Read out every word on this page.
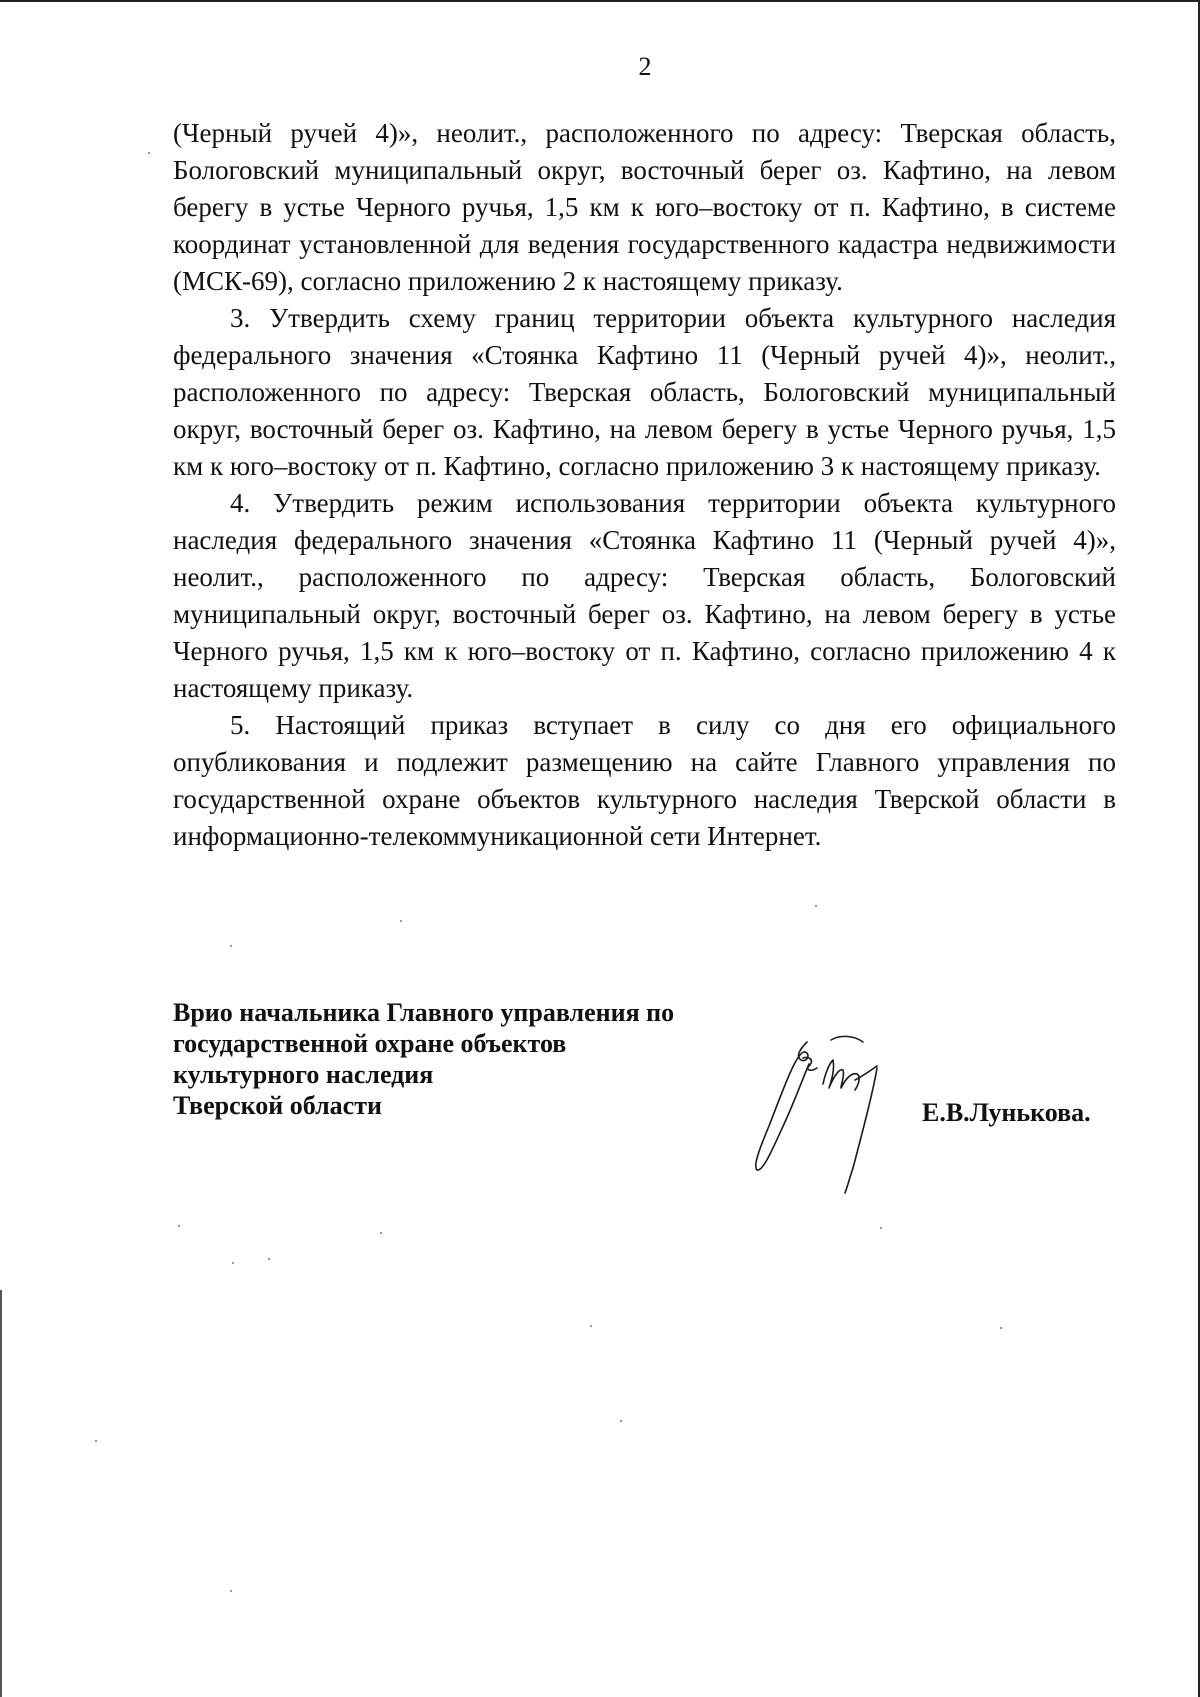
2

(Черный ручей 4)», неолит., расположенного по адресу: Тверская область, Бологовский муниципальный округ, восточный берег оз. Кафтино, на левом берегу в устье Черного ручья, 1,5 км к юго–востоку от п. Кафтино, в системе координат установленной для ведения государственного кадастра недвижимости (МСК-69), согласно приложению 2 к настоящему приказу.

3. Утвердить схему границ территории объекта культурного наследия федерального значения «Стоянка Кафтино 11 (Черный ручей 4)», неолит., расположенного по адресу: Тверская область, Бологовский муниципальный округ, восточный берег оз. Кафтино, на левом берегу в устье Черного ручья, 1,5 км к юго–востоку от п. Кафтино, согласно приложению 3 к настоящему приказу.

4. Утвердить режим использования территории объекта культурного наследия федерального значения «Стоянка Кафтино 11 (Черный ручей 4)», неолит., расположенного по адресу: Тверская область, Бологовский муниципальный округ, восточный берег оз. Кафтино, на левом берегу в устье Черного ручья, 1,5 км к юго–востоку от п. Кафтино, согласно приложению 4 к настоящему приказу.

5. Настоящий приказ вступает в силу со дня его официального опубликования и подлежит размещению на сайте Главного управления по государственной охране объектов культурного наследия Тверской области в информационно-телекоммуникационной сети Интернет.

Врио начальника Главного управления по
государственной охране объектов
культурного наследия
Тверской области	Е.В.Лунькова.
